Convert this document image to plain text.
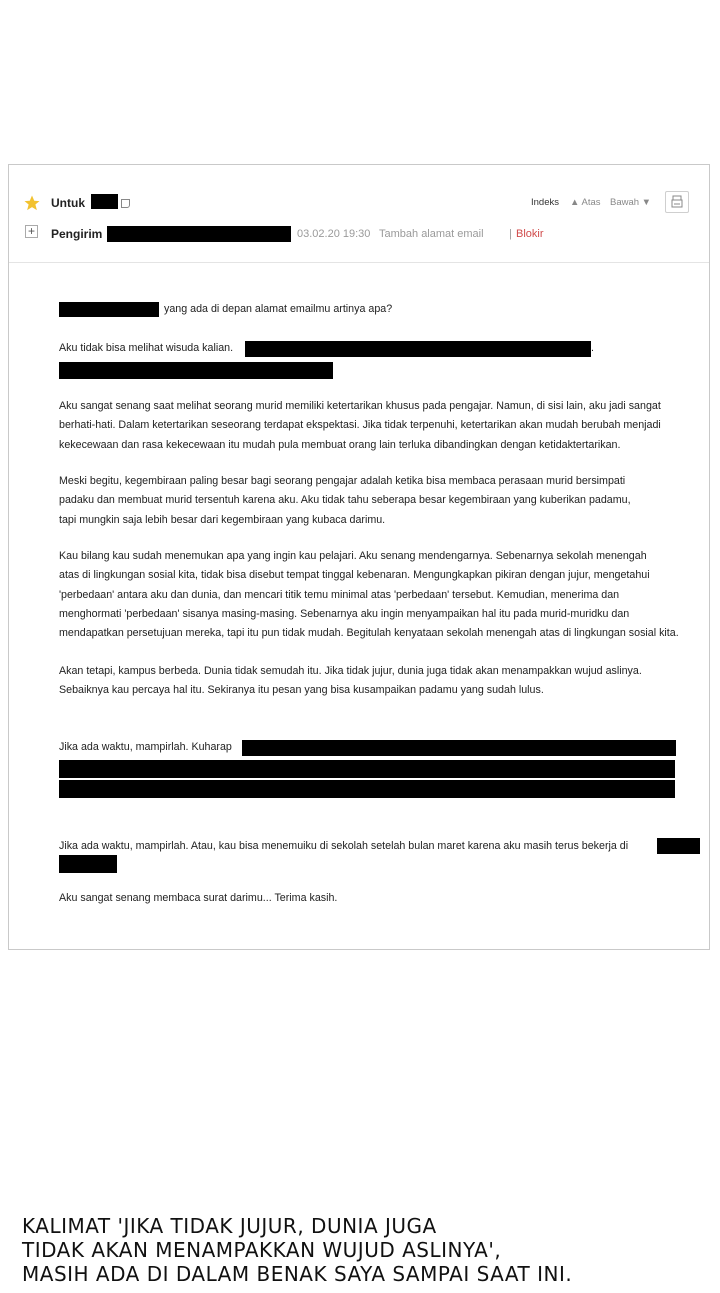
Untuk	Indeks ▲ Atas Bawah ▼
+ Pengirim	03.02.20 19:30 Tambah alamat email | Blokir
yang ada di depan alamat emailmu artinya apa?
Aku tidak bisa melihat wisuda kalian.	.

Aku sangat senang saat melihat seorang murid memiliki ketertarikan khusus pada pengajar. Namun, di sisi lain, aku jadi sangat

berhati-hati. Dalam ketertarikan seseorang terdapat ekspektasi. Jika tidak terpenuhi, ketertarikan akan mudah berubah menjadi

kekecewaan dan rasa kekecewaan itu mudah pula membuat orang lain terluka dibandingkan dengan ketidaktertarikan.

Meski begitu, kegembiraan paling besar bagi seorang pengajar adalah ketika bisa membaca perasaan murid bersimpati

padaku dan membuat murid tersentuh karena aku. Aku tidak tahu seberapa besar kegembiraan yang kuberikan padamu,

tapi mungkin saja lebih besar dari kegembiraan yang kubaca darimu.

Kau bilang kau sudah menemukan apa yang ingin kau pelajari. Aku senang mendengarnya. Sebenarnya sekolah menengah

atas di lingkungan sosial kita, tidak bisa disebut tempat tinggal kebenaran. Mengungkapkan pikiran dengan jujur, mengetahui

'perbedaan' antara aku dan dunia, dan mencari titik temu minimal atas 'perbedaan' tersebut. Kemudian, menerima dan

menghormati 'perbedaan' sisanya masing-masing. Sebenarnya aku ingin menyampaikan hal itu pada murid-muridku dan

mendapatkan persetujuan mereka, tapi itu pun tidak mudah. Begitulah kenyataan sekolah menengah atas di lingkungan sosial kita.

Akan tetapi, kampus berbeda. Dunia tidak semudah itu. Jika tidak jujur, dunia juga tidak akan menampakkan wujud aslinya.

Sebaiknya kau percaya hal itu. Sekiranya itu pesan yang bisa kusampaikan padamu yang sudah lulus.

Jika ada waktu, mampirlah. Kuharap
Jika ada waktu, mampirlah. Atau, kau bisa menemuiku di sekolah setelah bulan maret karena aku masih terus bekerja di
Aku sangat senang membaca surat darimu... Terima kasih.
KALIMAT 'JIKA TIDAK JUJUR, DUNIA JUGA
TIDAK AKAN MENAMPAKKAN WUJUD ASLINYA',
MASIH ADA DI DALAM BENAK SAYA SAMPAI SAAT INI.
